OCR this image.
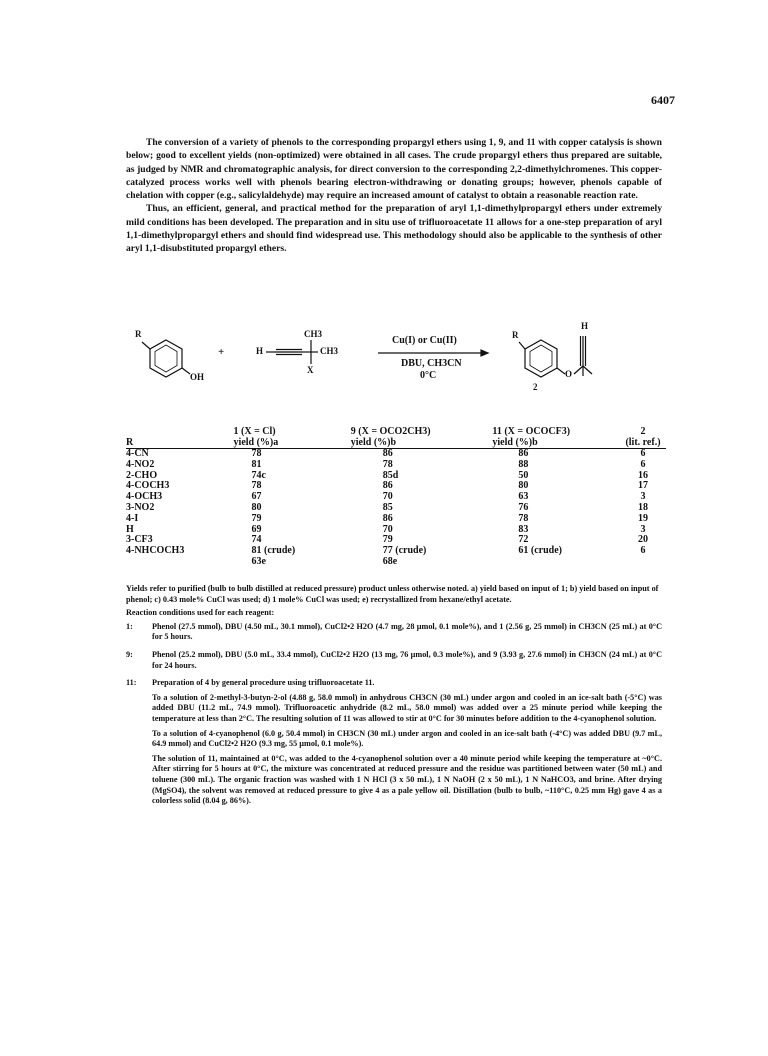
6407

The conversion of a variety of phenols to the corresponding propargyl ethers using 1, 9, and 11 with copper catalysis is shown below; good to excellent yields (non-optimized) were obtained in all cases. The crude propargyl ethers thus prepared are suitable, as judged by NMR and chromatographic analysis, for direct conversion to the corresponding 2,2-dimethylchromenes. This copper-catalyzed process works well with phenols bearing electron-withdrawing or donating groups; however, phenols capable of chelation with copper (e.g., salicylaldehyde) may require an increased amount of catalyst to obtain a reasonable reaction rate.

Thus, an efficient, general, and practical method for the preparation of aryl 1,1-dimethylpropargyl ethers under extremely mild conditions has been developed. The preparation and in situ use of trifluoroacetate 11 allows for a one-step preparation of aryl 1,1-dimethylpropargyl ethers and should find widespread use. This methodology should also be applicable to the synthesis of other aryl 1,1-disubstituted propargyl ethers.

R
OH
+	H
CH3
CH3
X
Cu(I) or Cu(II)
DBU, CH3CN
0°C
R
H
O
2
	1 (X = Cl)	9 (X = OCO2CH3)	11 (X = OCOCF3)	2
R	yield (%)a	yield (%)b	yield (%)b	(lit. ref.)
4-CN	78	86	86	6
4-NO2	81	78	88	6
2-CHO	74c	85d	50	16
4-COCH3	78	86	80	17
4-OCH3	67	70	63	3
3-NO2	80	85	76	18
4-I	79	86	78	19
H	69	70	83	3
3-CF3	74	79	72	20
4-NHCOCH3	81 (crude)	77 (crude)	61 (crude)	6
	63e	68e		

Yields refer to purified (bulb to bulb distilled at reduced pressure) product unless otherwise noted. a) yield based on input of 1; b) yield based on input of phenol; c) 0.43 mole% CuCl was used; d) 1 mole% CuCl was used; e) recrystallized from hexane/ethyl acetate.

Reaction conditions used for each reagent:

1:	Phenol (27.5 mmol), DBU (4.50 mL, 30.1 mmol), CuCl2•2 H2O (4.7 mg, 28 µmol, 0.1 mole%), and 1 (2.56 g, 25 mmol) in CH3CN (25 mL) at 0°C for 5 hours.

9:	Phenol (25.2 mmol), DBU (5.0 mL, 33.4 mmol), CuCl2•2 H2O (13 mg, 76 µmol, 0.3 mole%), and 9 (3.93 g, 27.6 mmol) in CH3CN (24 mL) at 0°C for 24 hours.

11:	Preparation of 4 by general procedure using trifluoroacetate 11.

To a solution of 2-methyl-3-butyn-2-ol (4.88 g, 58.0 mmol) in anhydrous CH3CN (30 mL) under argon and cooled in an ice-salt bath (-5°C) was added DBU (11.2 mL, 74.9 mmol). Trifluoroacetic anhydride (8.2 mL, 58.0 mmol) was added over a 25 minute period while keeping the temperature at less than 2°C. The resulting solution of 11 was allowed to stir at 0°C for 30 minutes before addition to the 4-cyanophenol solution.

To a solution of 4-cyanophenol (6.0 g, 50.4 mmol) in CH3CN (30 mL) under argon and cooled in an ice-salt bath (-4°C) was added DBU (9.7 mL, 64.9 mmol) and CuCl2•2 H2O (9.3 mg, 55 µmol, 0.1 mole%).

The solution of 11, maintained at 0°C, was added to the 4-cyanophenol solution over a 40 minute period while keeping the temperature at ~0°C. After stirring for 5 hours at 0°C, the mixture was concentrated at reduced pressure and the residue was partitioned between water (50 mL) and toluene (300 mL). The organic fraction was washed with 1 N HCl (3 x 50 mL), 1 N NaOH (2 x 50 mL), 1 N NaHCO3, and brine. After drying (MgSO4), the solvent was removed at reduced pressure to give 4 as a pale yellow oil. Distillation (bulb to bulb, ~110°C, 0.25 mm Hg) gave 4 as a colorless solid (8.04 g, 86%).
